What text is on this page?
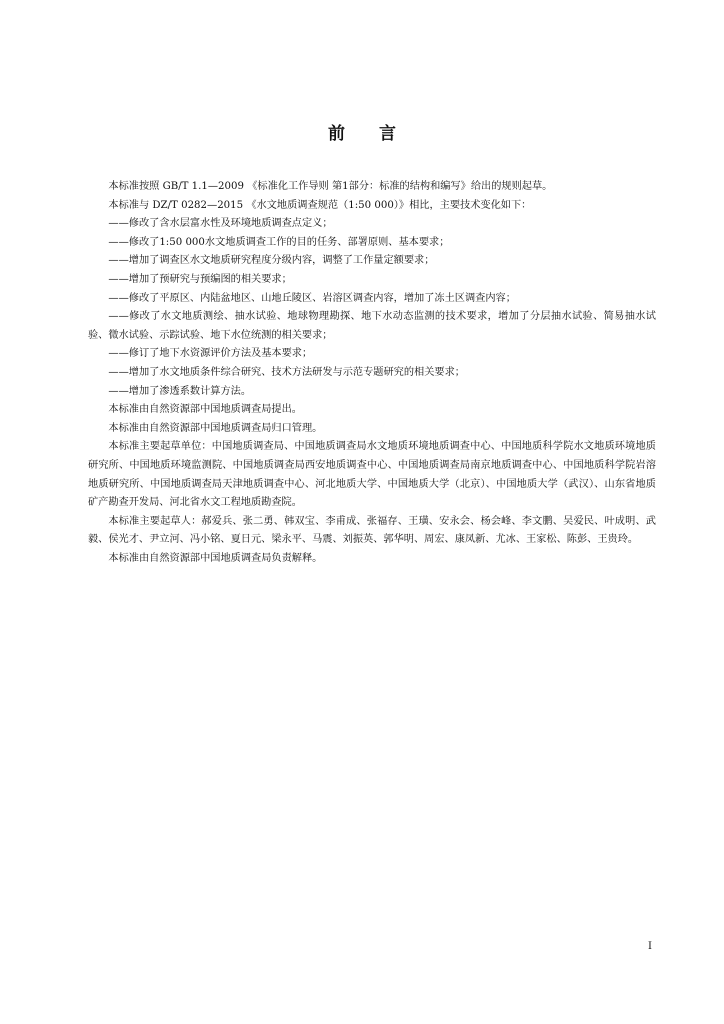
前言

本标准按照 GB/T 1.1—2009 《标准化工作导则 第1部分：标准的结构和编写》给出的规则起草。

本标准与 DZ/T 0282—2015 《水文地质调查规范（1:50 000）》相比，主要技术变化如下：

——修改了含水层富水性及环境地质调查点定义；

——修改了1:50 000水文地质调查工作的目的任务、部署原则、基本要求；

——增加了调查区水文地质研究程度分级内容，调整了工作量定额要求；

——增加了预研究与预编图的相关要求；

——修改了平原区、内陆盆地区、山地丘陵区、岩溶区调查内容，增加了冻土区调查内容；

——修改了水文地质测绘、抽水试验、地球物理勘探、地下水动态监测的技术要求，增加了分层抽水试验、简易抽水试验、微水试验、示踪试验、地下水位统测的相关要求；

——修订了地下水资源评价方法及基本要求；

——增加了水文地质条件综合研究、技术方法研发与示范专题研究的相关要求；

——增加了渗透系数计算方法。

本标准由自然资源部中国地质调查局提出。

本标准由自然资源部中国地质调查局归口管理。

本标准主要起草单位：中国地质调查局、中国地质调查局水文地质环境地质调查中心、中国地质科学院水文地质环境地质研究所、中国地质环境监测院、中国地质调查局西安地质调查中心、中国地质调查局南京地质调查中心、中国地质科学院岩溶地质研究所、中国地质调查局天津地质调查中心、河北地质大学、中国地质大学（北京）、中国地质大学（武汉）、山东省地质矿产勘查开发局、河北省水文工程地质勘查院。

本标准主要起草人：郝爱兵、张二勇、韩双宝、李甫成、张福存、王璜、安永会、杨会峰、李文鹏、吴爱民、叶成明、武毅、侯光才、尹立河、冯小铭、夏日元、梁永平、马震、刘振英、郭华明、周宏、康凤新、尤冰、王家松、陈彭、王贵玲。

本标准由自然资源部中国地质调查局负责解释。

I
